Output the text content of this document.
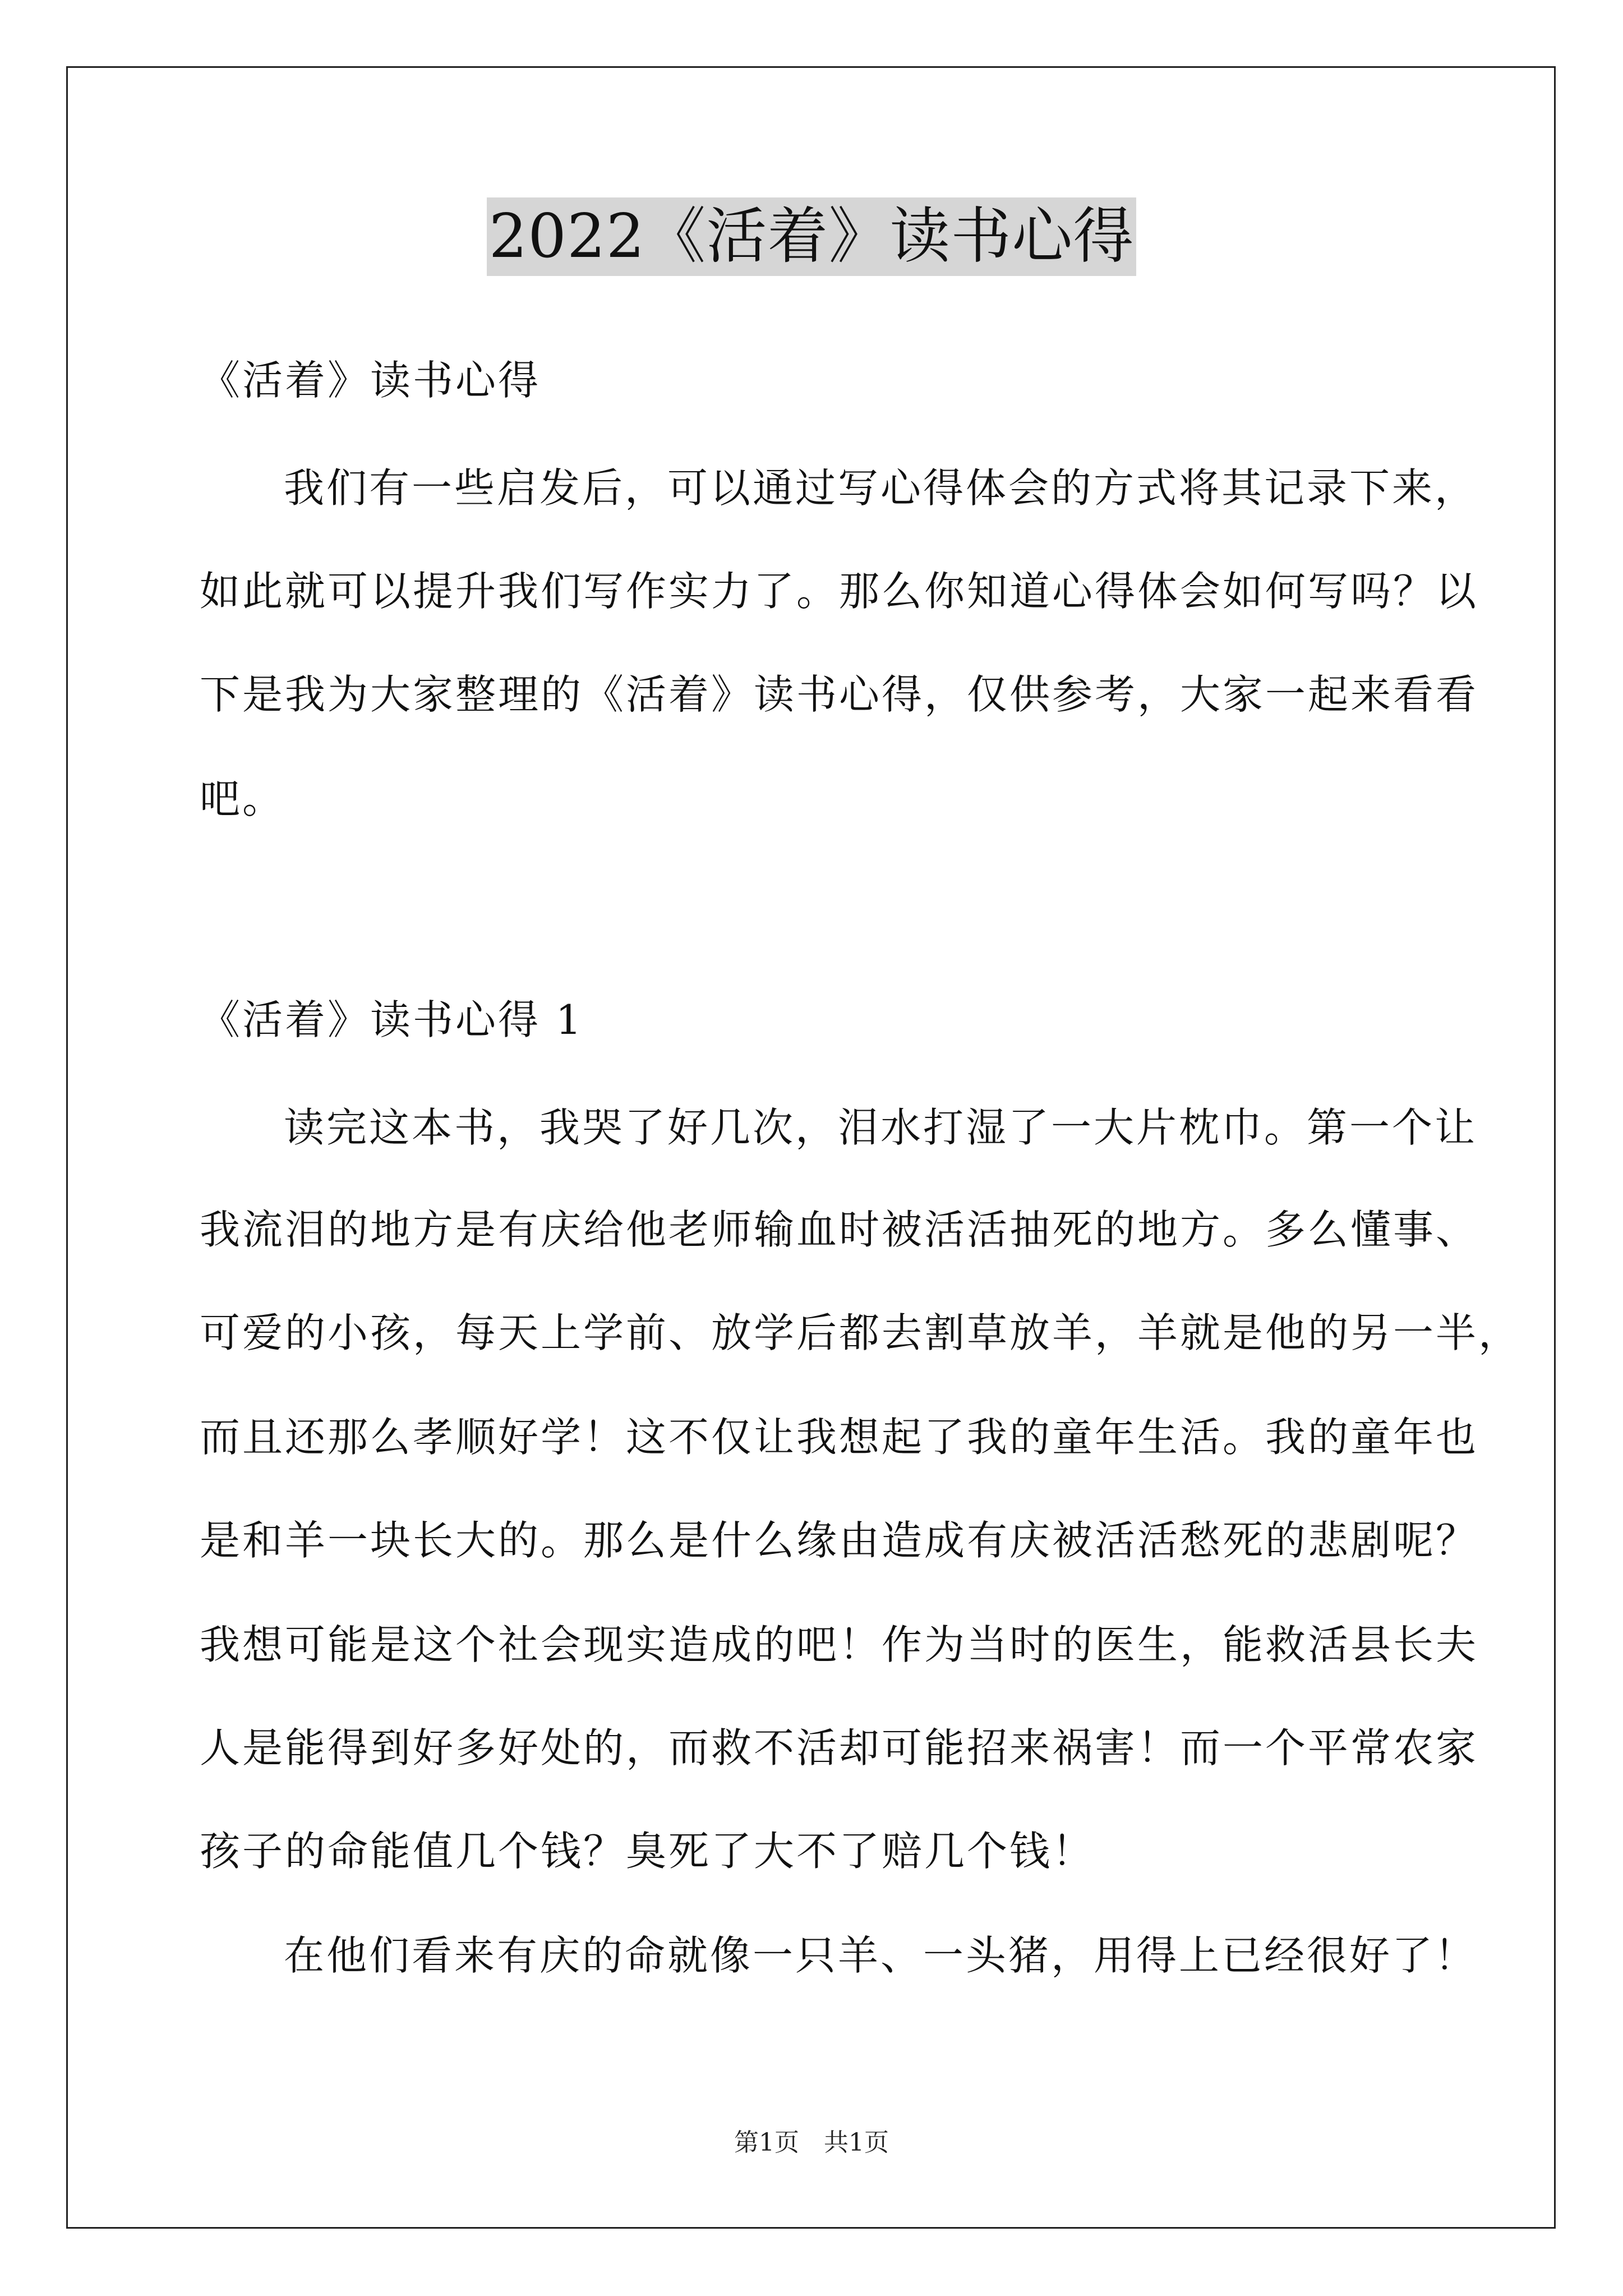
2022《活着》读书心得
《活着》读书心得
我们有一些启发后，可以通过写心得体会的方式将其记录下来，
如此就可以提升我们写作实力了。那么你知道心得体会如何写吗？以
下是我为大家整理的《活着》读书心得，仅供参考，大家一起来看看
吧。
《活着》读书心得 1
读完这本书，我哭了好几次，泪水打湿了一大片枕巾。第一个让
我流泪的地方是有庆给他老师输血时被活活抽死的地方。多么懂事、
可爱的小孩，每天上学前、放学后都去割草放羊，羊就是他的另一半，
而且还那么孝顺好学！这不仅让我想起了我的童年生活。我的童年也
是和羊一块长大的。那么是什么缘由造成有庆被活活愁死的悲剧呢？
我想可能是这个社会现实造成的吧！作为当时的医生，能救活县长夫
人是能得到好多好处的，而救不活却可能招来祸害！而一个平常农家
孩子的命能值几个钱？臭死了大不了赔几个钱！
在他们看来有庆的命就像一只羊、一头猪，用得上已经很好了！
第1页　共1页
